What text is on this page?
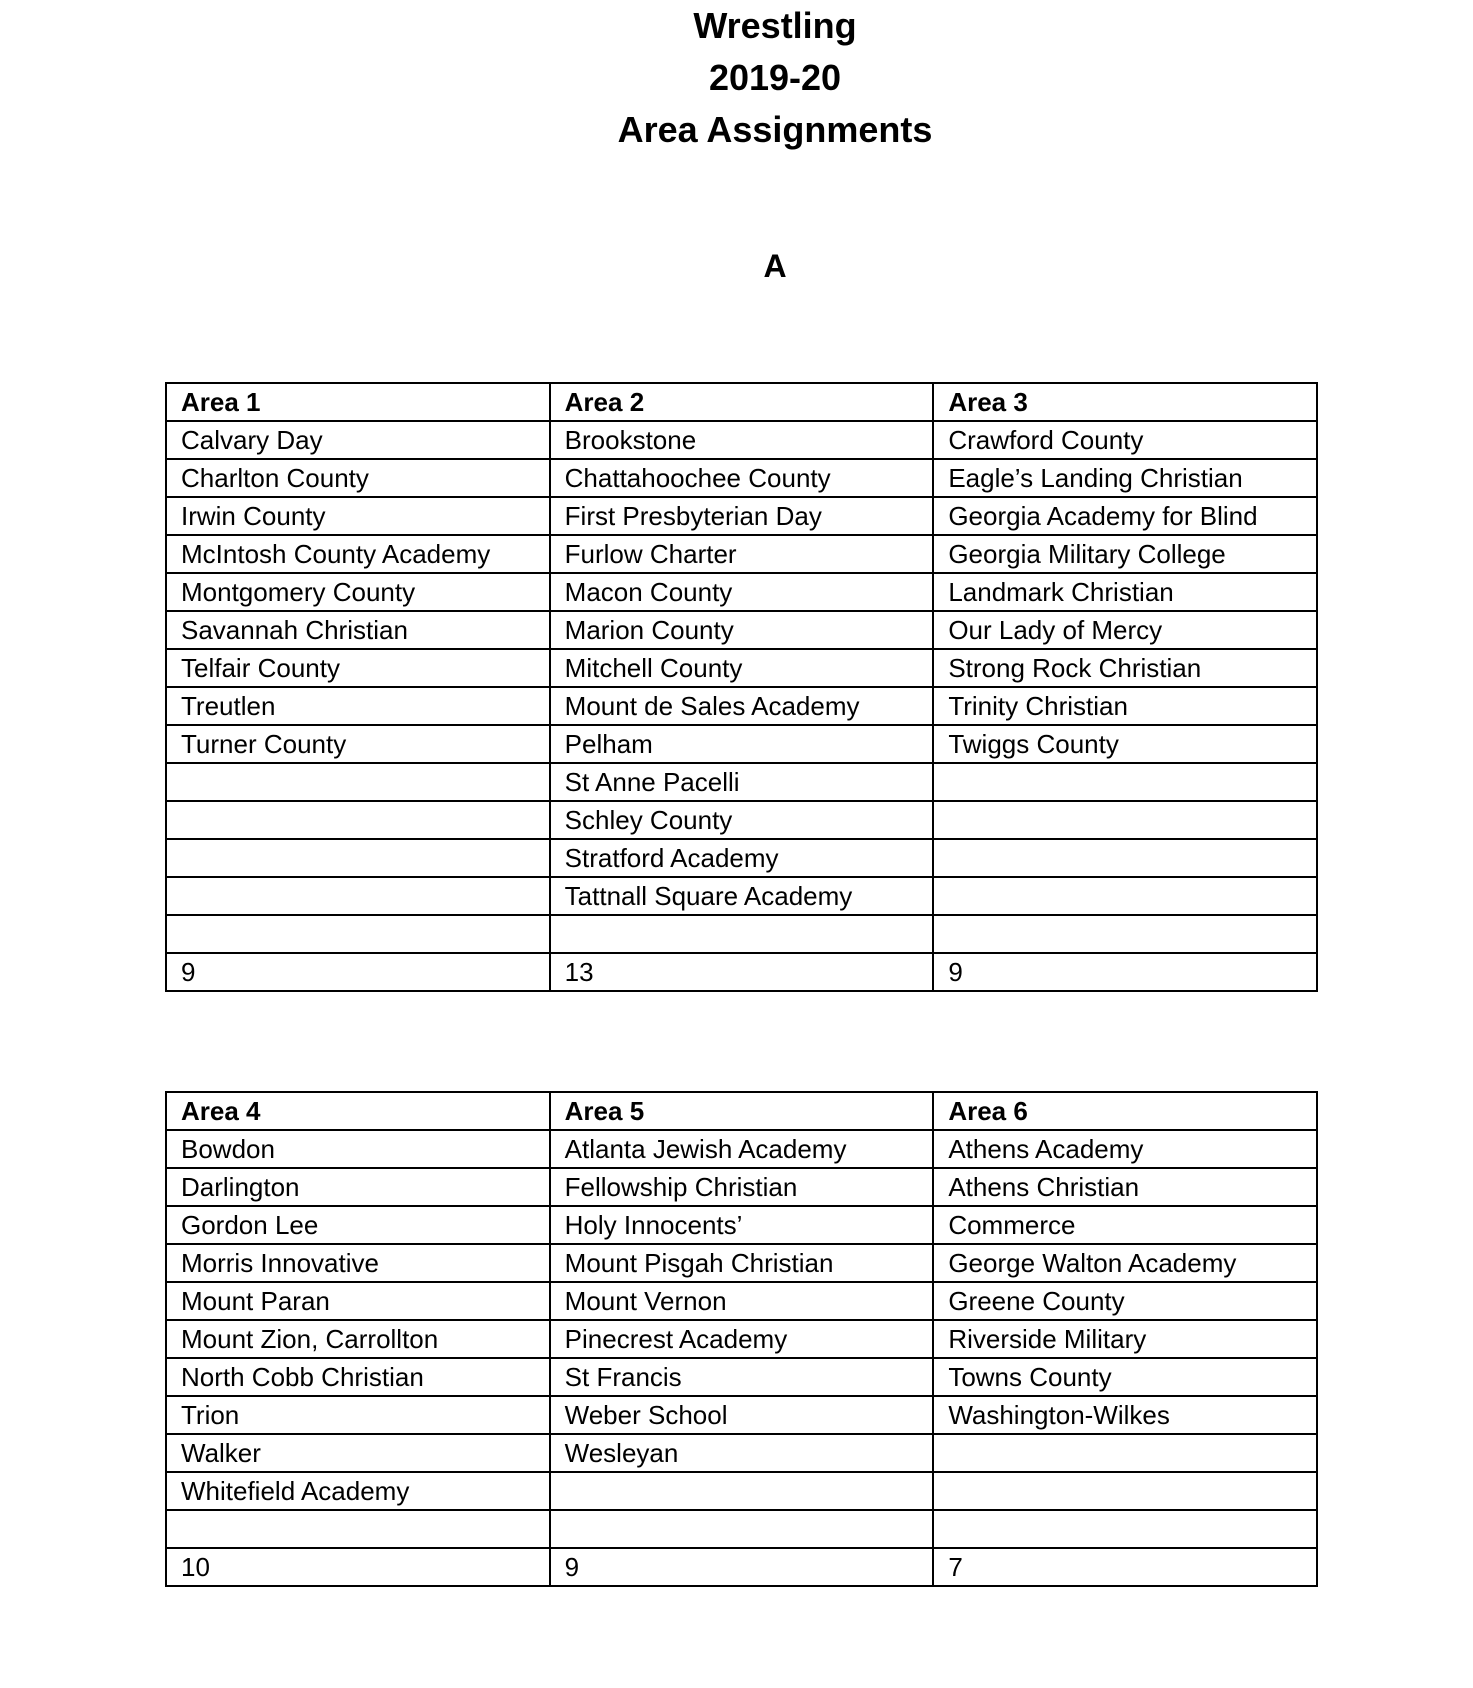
Wrestling
2019-20
Area Assignments
A
Area 1	Area 2	Area 3
Calvary Day	Brookstone	Crawford County
Charlton County	Chattahoochee County	Eagle’s Landing Christian
Irwin County	First Presbyterian Day	Georgia Academy for Blind
McIntosh County Academy	Furlow Charter	Georgia Military College
Montgomery County	Macon County	Landmark Christian
Savannah Christian	Marion County	Our Lady of Mercy
Telfair County	Mitchell County	Strong Rock Christian
Treutlen	Mount de Sales Academy	Trinity Christian
Turner County	Pelham	Twiggs County
	St Anne Pacelli	
	Schley County	
	Stratford Academy	
	Tattnall Square Academy	

9	13	9
Area 4	Area 5	Area 6
Bowdon	Atlanta Jewish Academy	Athens Academy
Darlington	Fellowship Christian	Athens Christian
Gordon Lee	Holy Innocents’	Commerce
Morris Innovative	Mount Pisgah Christian	George Walton Academy
Mount Paran	Mount Vernon	Greene County
Mount Zion, Carrollton	Pinecrest Academy	Riverside Military
North Cobb Christian	St Francis	Towns County
Trion	Weber School	Washington-Wilkes
Walker	Wesleyan	
Whitefield Academy		

10	9	7
